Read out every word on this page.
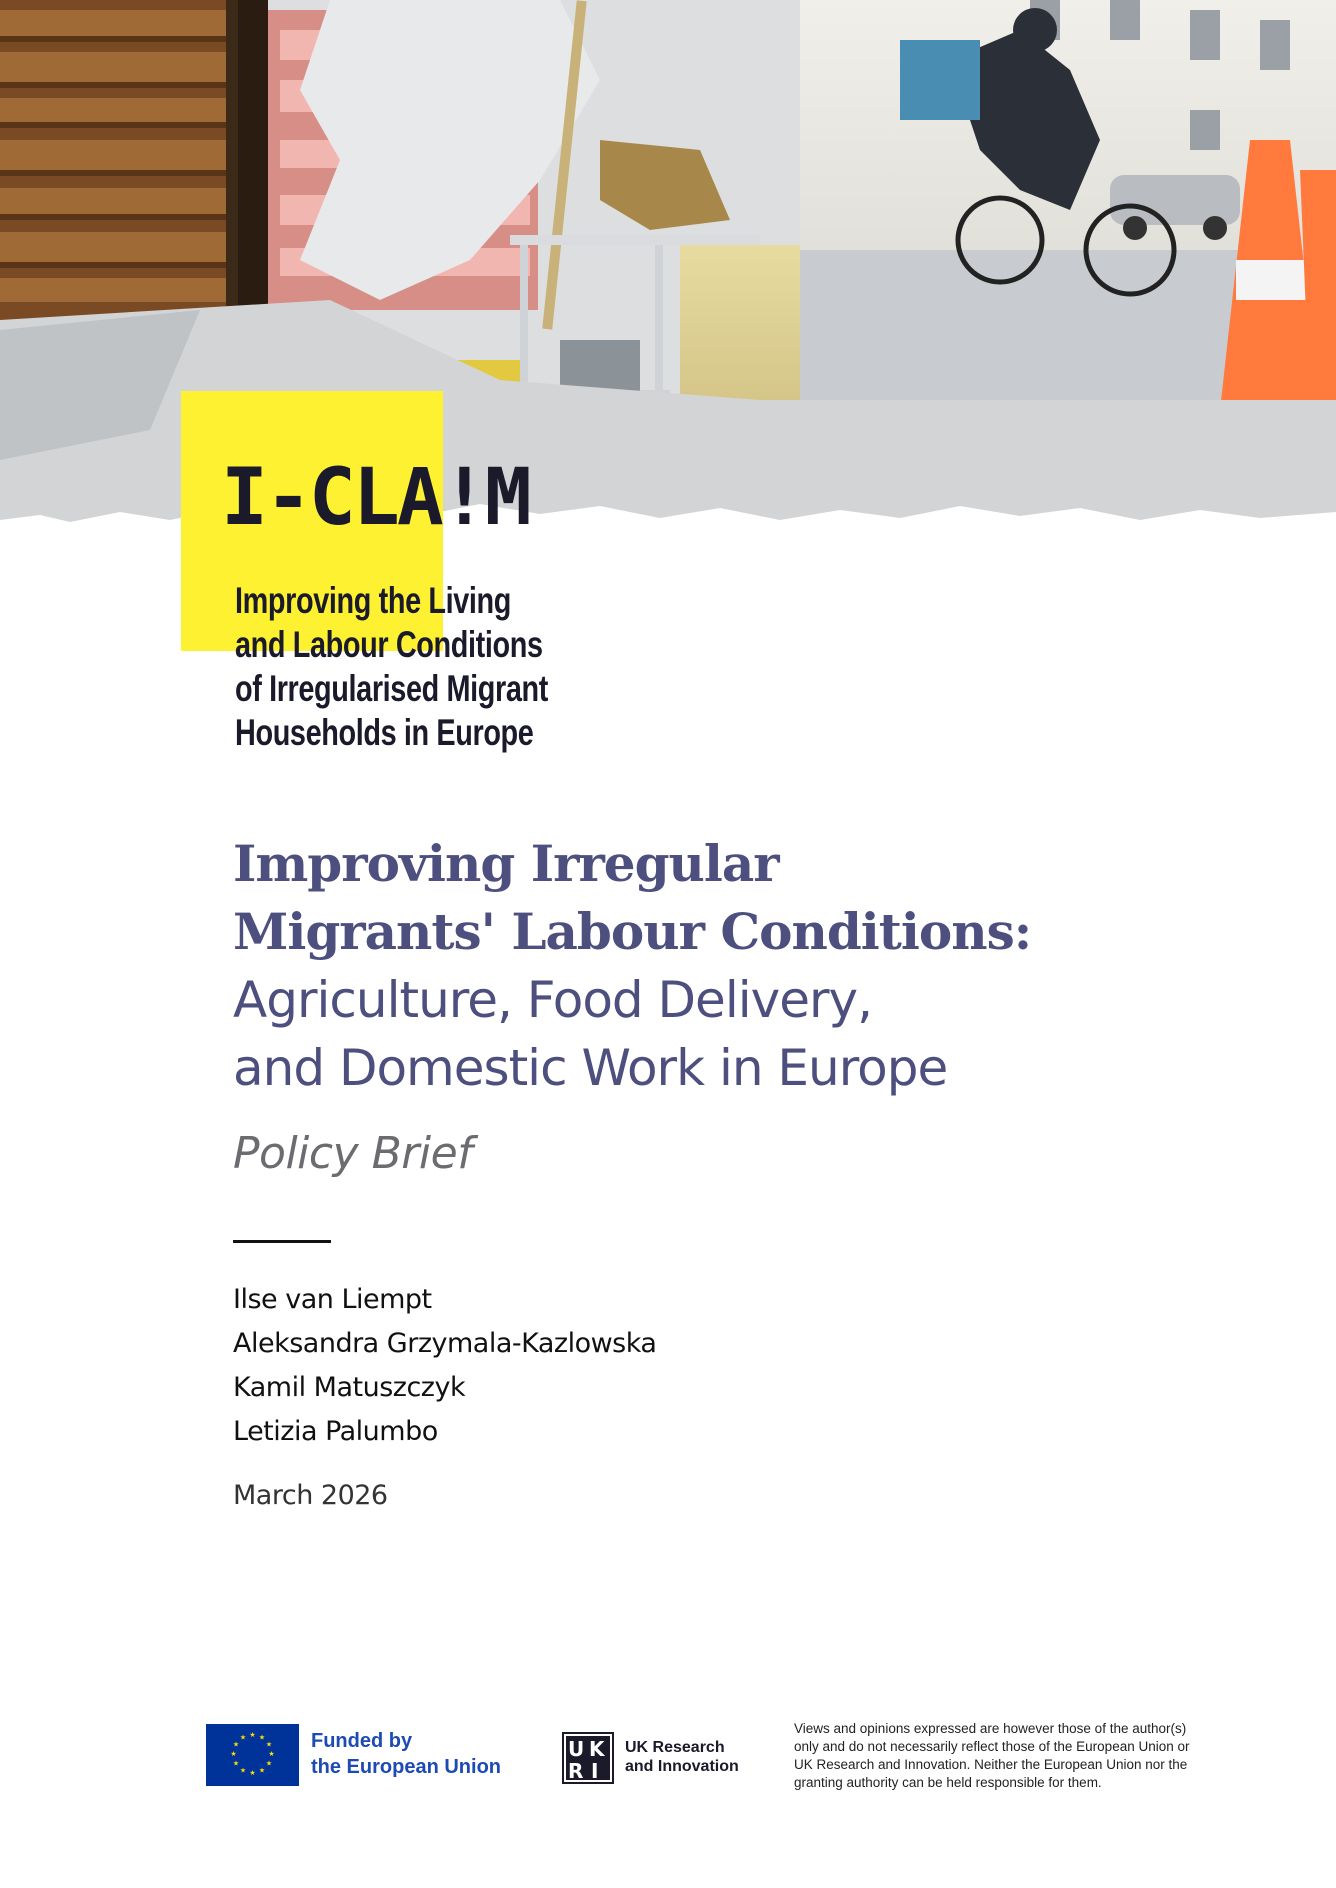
I-CLA!M
Improving the Living
and Labour Conditions
of Irregularised Migrant
Households in Europe
Improving Irregular
Migrants' Labour Conditions:
Agriculture, Food Delivery,
and Domestic Work in Europe
Policy Brief
Ilse van Liempt
Aleksandra Grzymala-Kazlowska
Kamil Matuszczyk
Letizia Palumbo
March 2026
★ ★
★
★
★
★
★
★
★
★
★
★	Funded by
the European Union
U K
R I
UK Research
and Innovation
Views and opinions expressed are however those of the author(s)
only and do not necessarily reflect those of the European Union or
UK Research and Innovation. Neither the European Union nor the
granting authority can be held responsible for them.
